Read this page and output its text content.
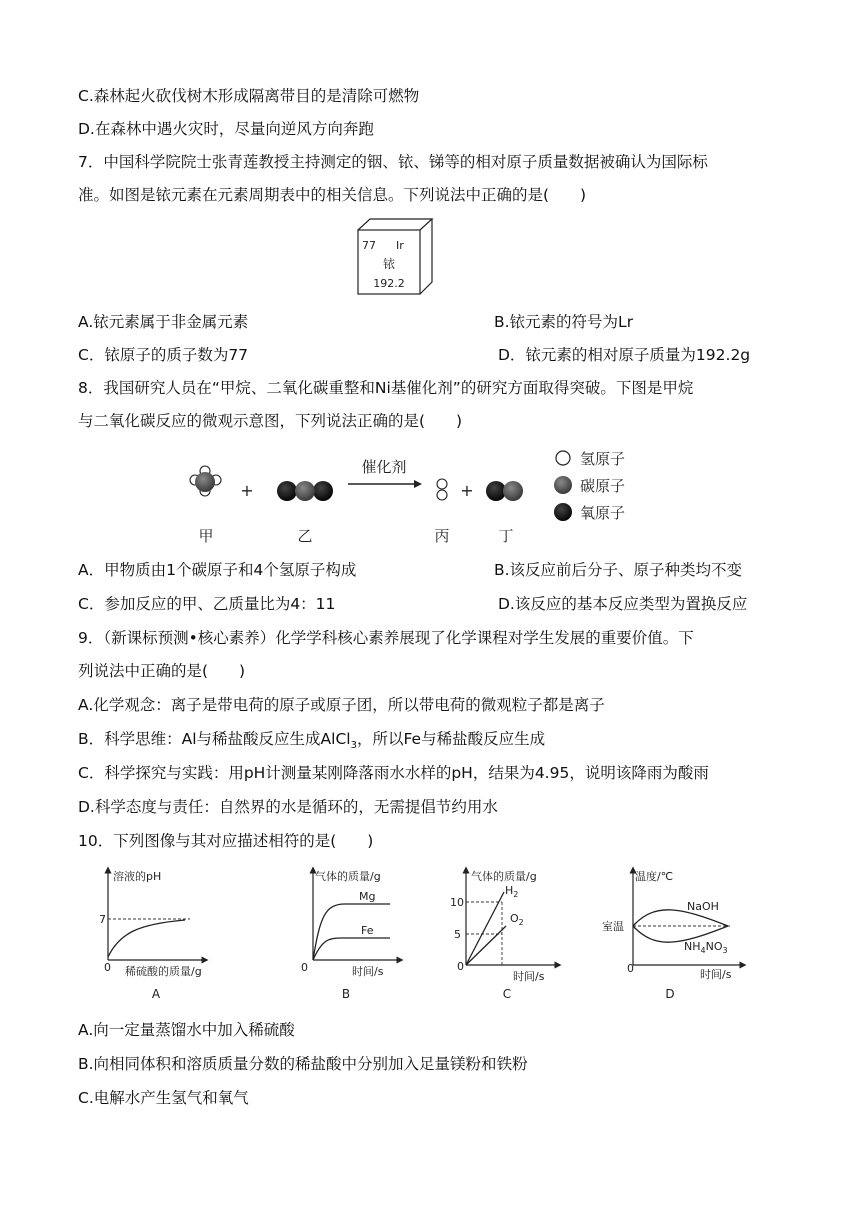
C.森林起火砍伐树木形成隔离带目的是清除可燃物
D.在森林中遇火灾时，尽量向逆风方向奔跑
7．中国科学院院士张青莲教授主持测定的铟、铱、锑等的相对原子质量数据被确认为国际标
准。如图是铱元素在元素周期表中的相关信息。下列说法中正确的是(　　)
77 Ir
铱
192.2
A.铱元素属于非金属元素	B.铱元素的符号为Lr
C．铱原子的质子数为77	D．铱元素的相对原子质量为192.2g
8．我国研究人员在“甲烷、二氧化碳重整和Ni基催化剂”的研究方面取得突破。下图是甲烷
与二氧化碳反应的微观示意图，下列说法正确的是(　　)
+
催化剂
+
甲	乙	丙	丁
氢原子
碳原子
氧原子
A．甲物质由1个碳原子和4个氢原子构成	B.该反应前后分子、原子种类均不变
C．参加反应的甲、乙质量比为4：11	D.该反应的基本反应类型为置换反应
9．（新课标预测•核心素养）化学学科核心素养展现了化学课程对学生发展的重要价值。下
列说法中正确的是(　　)
A.化学观念：离子是带电荷的原子或原子团，所以带电荷的微观粒子都是离子
B．科学思维：Al与稀盐酸反应生成AlCl$_3$，所以Fe与稀盐酸反应生成
C．科学探究与实践：用pH计测量某刚降落雨水水样的pH，结果为4.95，说明该降雨为酸雨
D.科学态度与责任：自然界的水是循环的，无需提倡节约用水
10．下列图像与其对应描述相符的是(　　)
溶液的pH
7
0 稀硫酸的质量/g
A
气体的质量/g
Mg
Fe
0	时间/s
B
气体的质量/g
10
5
$H_2$
$O_2$
0
时间/s
C
温度/℃
室温
NaOH
$NH_4NO_3$
0	时间/s
D
A.向一定量蒸馏水中加入稀硫酸
B.向相同体积和溶质质量分数的稀盐酸中分别加入足量镁粉和铁粉
C.电解水产生氢气和氧气
